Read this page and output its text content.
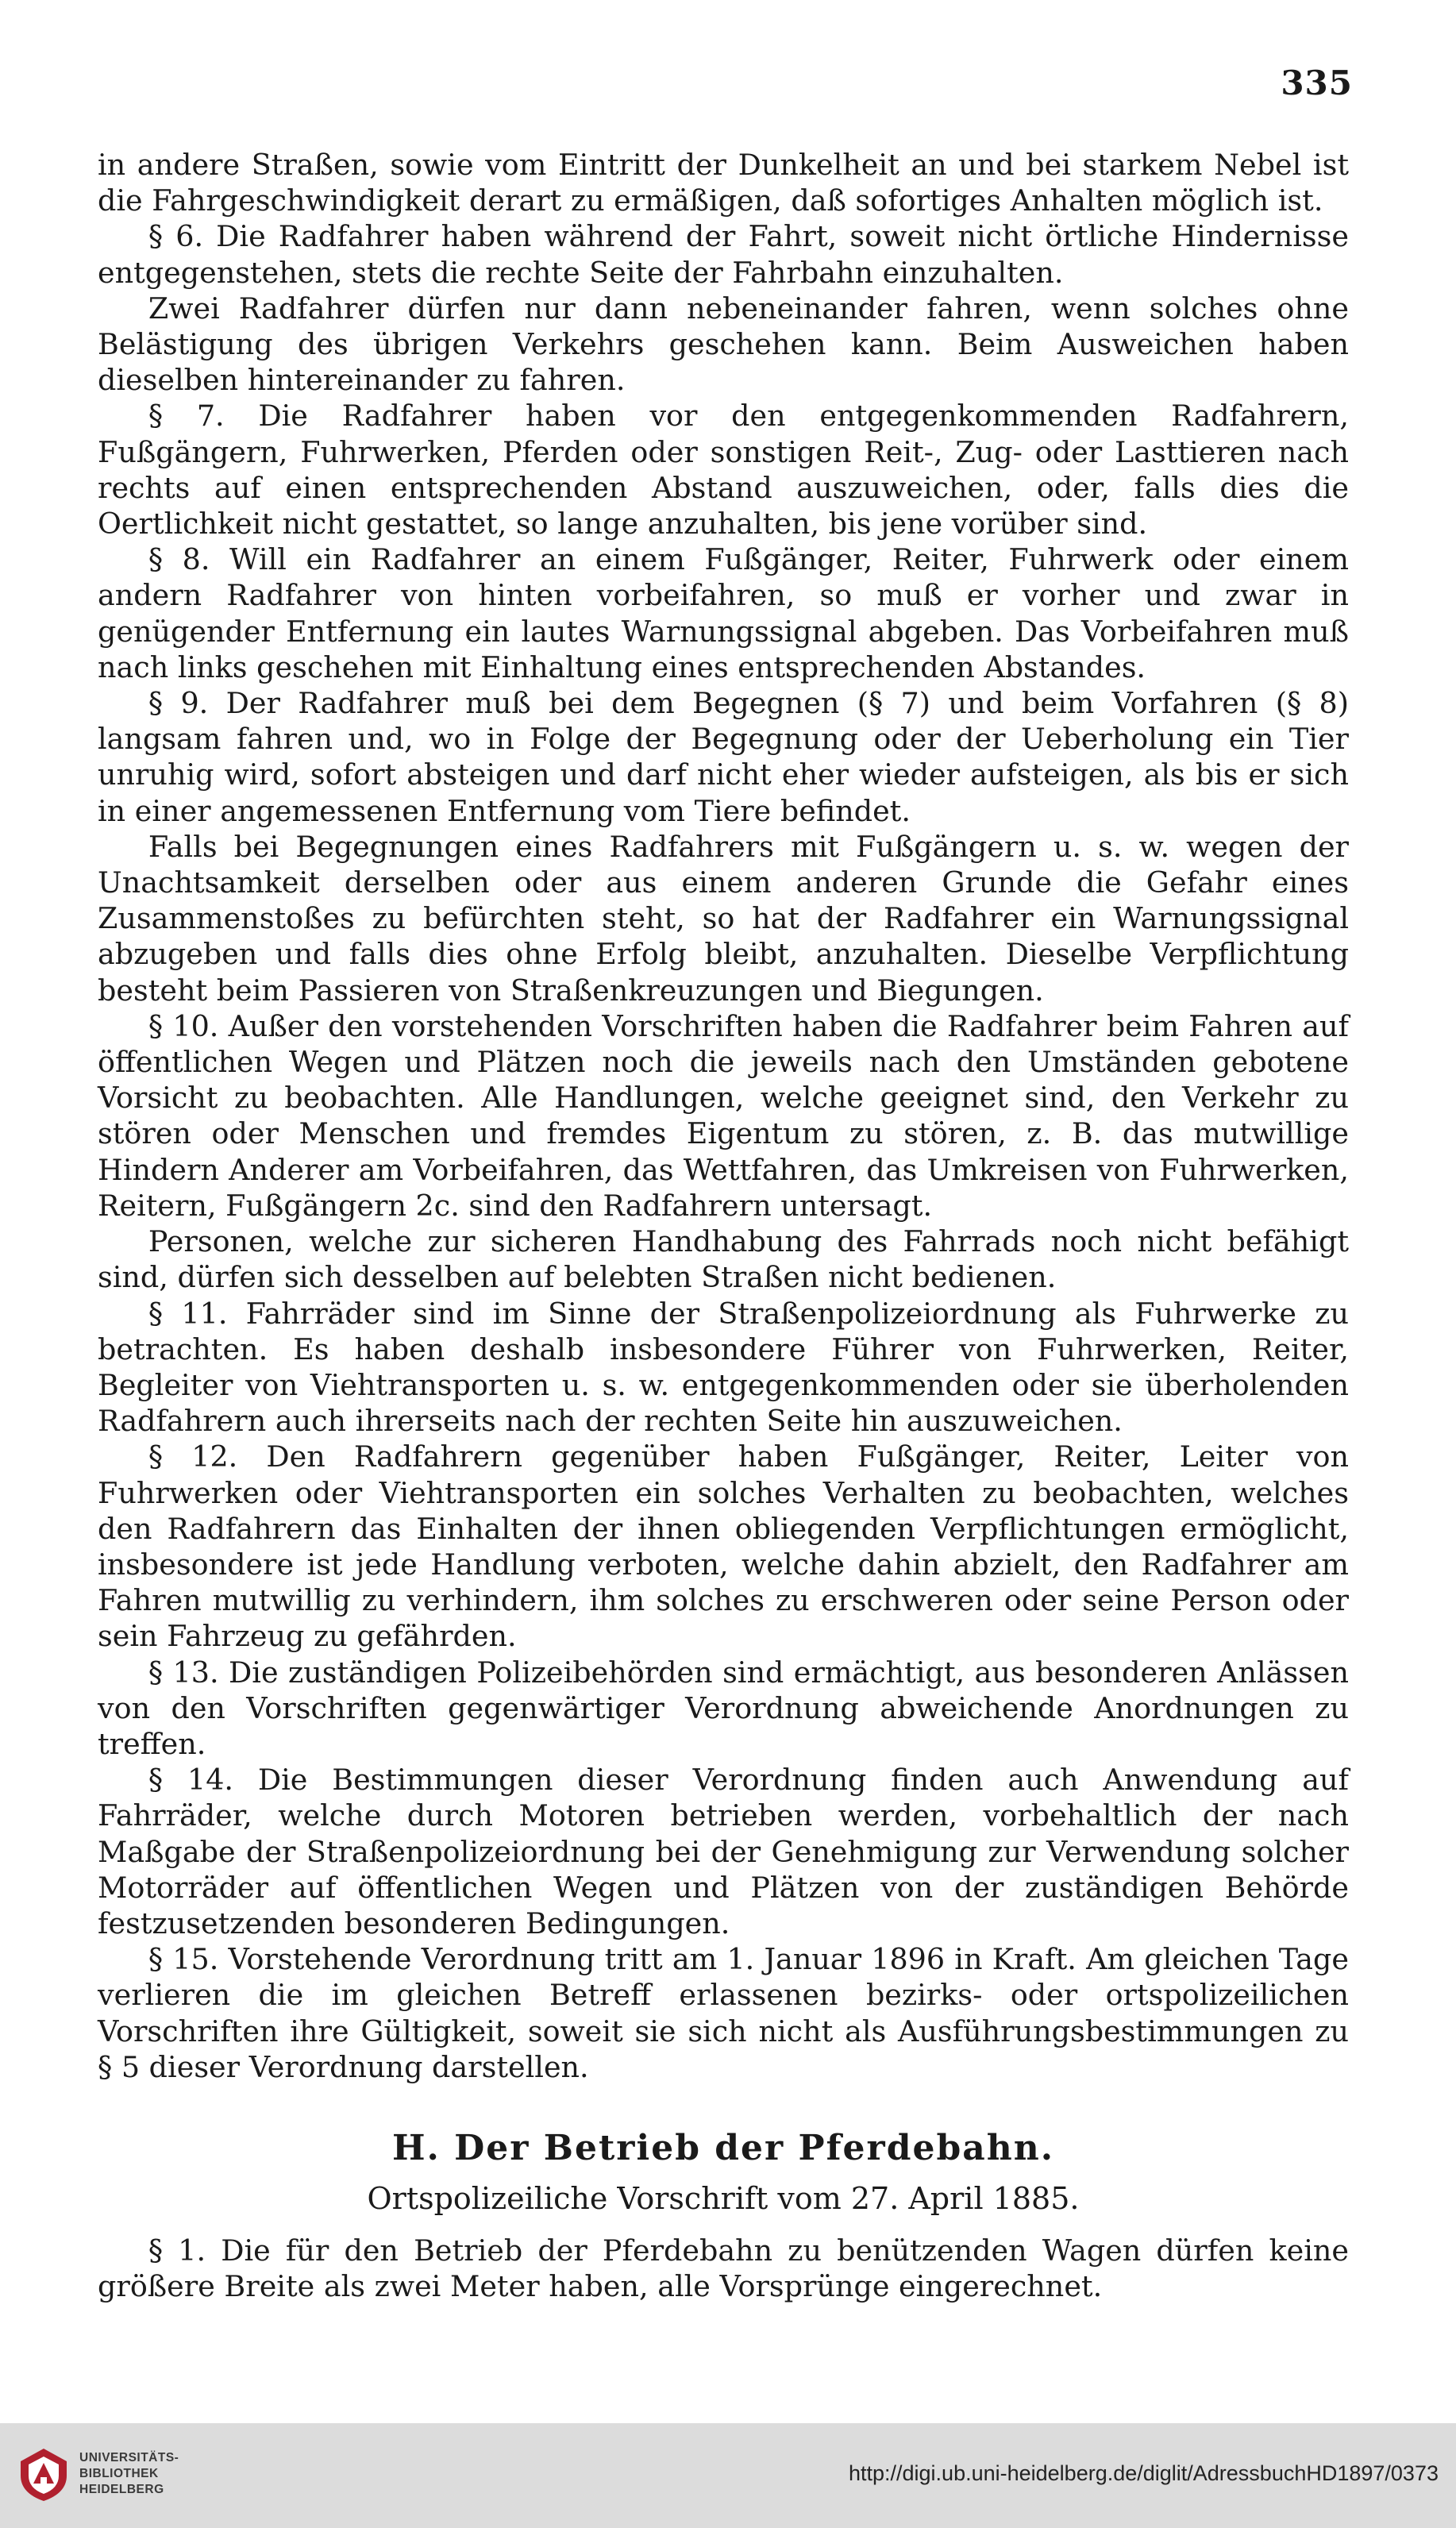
335

in andere Straßen, sowie vom Eintritt der Dunkelheit an und bei starkem Nebel ist die Fahrgeschwindigkeit derart zu ermäßigen, daß sofortiges Anhalten möglich ist.

§ 6. Die Radfahrer haben während der Fahrt, soweit nicht örtliche Hindernisse entgegenstehen, stets die rechte Seite der Fahrbahn einzuhalten.

Zwei Radfahrer dürfen nur dann nebeneinander fahren, wenn solches ohne Belästigung des übrigen Verkehrs geschehen kann. Beim Ausweichen haben dieselben hintereinander zu fahren.

§ 7. Die Radfahrer haben vor den entgegenkommenden Radfahrern, Fußgängern, Fuhrwerken, Pferden oder sonstigen Reit-, Zug- oder Lasttieren nach rechts auf einen entsprechenden Abstand auszuweichen, oder, falls dies die Oertlichkeit nicht gestattet, so lange anzuhalten, bis jene vorüber sind.

§ 8. Will ein Radfahrer an einem Fußgänger, Reiter, Fuhrwerk oder einem andern Radfahrer von hinten vorbeifahren, so muß er vorher und zwar in genügender Entfernung ein lautes Warnungssignal abgeben. Das Vorbeifahren muß nach links geschehen mit Einhaltung eines entsprechenden Abstandes.

§ 9. Der Radfahrer muß bei dem Begegnen (§ 7) und beim Vorfahren (§ 8) langsam fahren und, wo in Folge der Begegnung oder der Ueberholung ein Tier unruhig wird, sofort absteigen und darf nicht eher wieder aufsteigen, als bis er sich in einer angemessenen Entfernung vom Tiere befindet.

Falls bei Begegnungen eines Radfahrers mit Fußgängern u. s. w. wegen der Unachtsamkeit derselben oder aus einem anderen Grunde die Gefahr eines Zusammenstoßes zu befürchten steht, so hat der Radfahrer ein Warnungssignal abzugeben und falls dies ohne Erfolg bleibt, anzuhalten. Dieselbe Verpflichtung besteht beim Passieren von Straßenkreuzungen und Biegungen.

§ 10. Außer den vorstehenden Vorschriften haben die Radfahrer beim Fahren auf öffentlichen Wegen und Plätzen noch die jeweils nach den Umständen gebotene Vorsicht zu beobachten. Alle Handlungen, welche geeignet sind, den Verkehr zu stören oder Menschen und fremdes Eigentum zu stören, z. B. das mutwillige Hindern Anderer am Vorbeifahren, das Wettfahren, das Umkreisen von Fuhrwerken, Reitern, Fußgängern 2c. sind den Radfahrern untersagt.

Personen, welche zur sicheren Handhabung des Fahrrads noch nicht befähigt sind, dürfen sich desselben auf belebten Straßen nicht bedienen.

§ 11. Fahrräder sind im Sinne der Straßenpolizeiordnung als Fuhrwerke zu betrachten. Es haben deshalb insbesondere Führer von Fuhrwerken, Reiter, Begleiter von Viehtransporten u. s. w. entgegenkommenden oder sie überholenden Radfahrern auch ihrerseits nach der rechten Seite hin auszuweichen.

§ 12. Den Radfahrern gegenüber haben Fußgänger, Reiter, Leiter von Fuhrwerken oder Viehtransporten ein solches Verhalten zu beobachten, welches den Radfahrern das Einhalten der ihnen obliegenden Verpflichtungen ermöglicht, insbesondere ist jede Handlung verboten, welche dahin abzielt, den Radfahrer am Fahren mutwillig zu verhindern, ihm solches zu erschweren oder seine Person oder sein Fahrzeug zu gefährden.

§ 13. Die zuständigen Polizeibehörden sind ermächtigt, aus besonderen Anlässen von den Vorschriften gegenwärtiger Verordnung abweichende Anordnungen zu treffen.

§ 14. Die Bestimmungen dieser Verordnung finden auch Anwendung auf Fahrräder, welche durch Motoren betrieben werden, vorbehaltlich der nach Maßgabe der Straßenpolizeiordnung bei der Genehmigung zur Verwendung solcher Motorräder auf öffentlichen Wegen und Plätzen von der zuständigen Behörde festzusetzenden besonderen Bedingungen.

§ 15. Vorstehende Verordnung tritt am 1. Januar 1896 in Kraft. Am gleichen Tage verlieren die im gleichen Betreff erlassenen bezirks- oder ortspolizeilichen Vorschriften ihre Gültigkeit, soweit sie sich nicht als Ausführungsbestimmungen zu § 5 dieser Verordnung darstellen.

H. Der Betrieb der Pferdebahn.
Ortspolizeiliche Vorschrift vom 27. April 1885.

§ 1. Die für den Betrieb der Pferdebahn zu benützenden Wagen dürfen keine größere Breite als zwei Meter haben, alle Vorsprünge eingerechnet.

UNIVERSITÄTS-
BIBLIOTHEK
HEIDELBERG
http://digi.ub.uni-heidelberg.de/diglit/AdressbuchHD1897/0373
